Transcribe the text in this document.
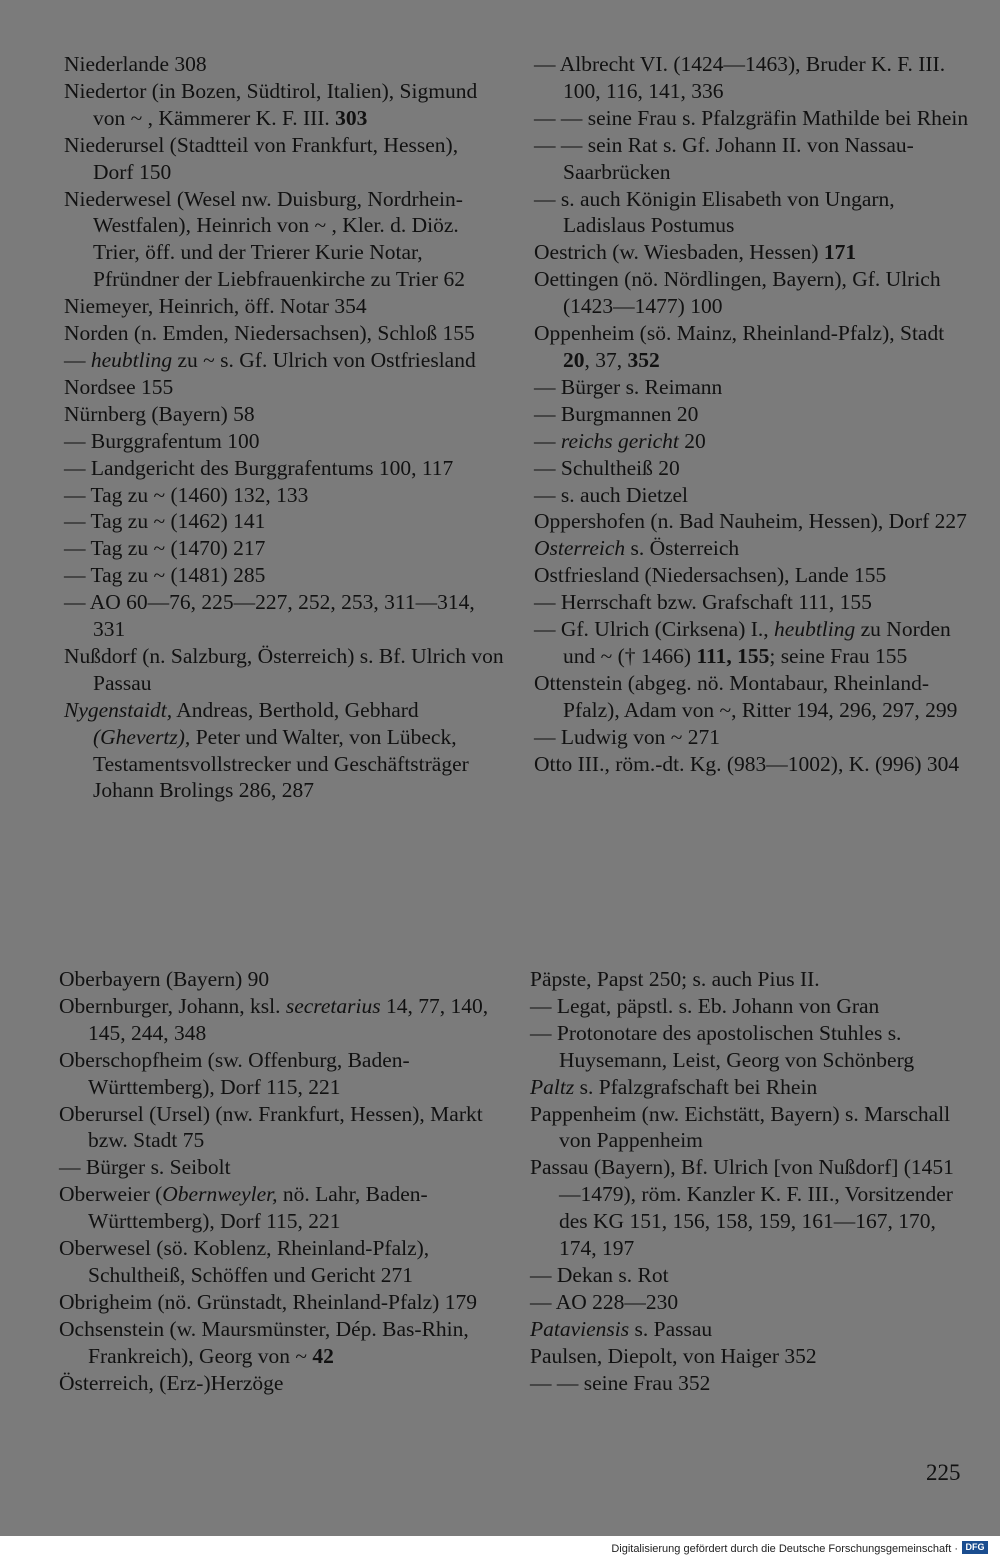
Niederlande 308
Niedertor (in Bozen, Südtirol, Italien), Sigmund von ~ , Kämmerer K. F. III. 303
Niederursel (Stadtteil von Frankfurt, Hessen), Dorf 150
Niederwesel (Wesel nw. Duisburg, Nordrhein-Westfalen), Heinrich von ~ , Kler. d. Diöz. Trier, öff. und der Trierer Kurie Notar, Pfründner der Liebfrauenkirche zu Trier 62
Niemeyer, Heinrich, öff. Notar 354
Norden (n. Emden, Niedersachsen), Schloß 155
— heubtling zu ~ s. Gf. Ulrich von Ostfriesland
Nordsee 155
Nürnberg (Bayern) 58
— Burggrafentum 100
— Landgericht des Burggrafentums 100, 117
— Tag zu ~ (1460) 132, 133
— Tag zu ~ (1462) 141
— Tag zu ~ (1470) 217
— Tag zu ~ (1481) 285
— AO 60—76, 225—227, 252, 253, 311—314, 331
Nußdorf (n. Salzburg, Österreich) s. Bf. Ulrich von Passau
Nygenstaidt, Andreas, Berthold, Gebhard (Ghevertz), Peter und Walter, von Lübeck, Testamentsvollstrecker und Geschäftsträger Johann Brolings 286, 287
— Albrecht VI. (1424—1463), Bruder K. F. III. 100, 116, 141, 336
— — seine Frau s. Pfalzgräfin Mathilde bei Rhein
— — sein Rat s. Gf. Johann II. von Nassau-Saarbrücken
— s. auch Königin Elisabeth von Ungarn, Ladislaus Postumus
Oestrich (w. Wiesbaden, Hessen) 171
Oettingen (nö. Nördlingen, Bayern), Gf. Ulrich (1423—1477) 100
Oppenheim (sö. Mainz, Rheinland-Pfalz), Stadt 20, 37, 352
— Bürger s. Reimann
— Burgmannen 20
— reichs gericht 20
— Schultheiß 20
— s. auch Dietzel
Oppershofen (n. Bad Nauheim, Hessen), Dorf 227
Osterreich s. Österreich
Ostfriesland (Niedersachsen), Lande 155
— Herrschaft bzw. Grafschaft 111, 155
— Gf. Ulrich (Cirksena) I., heubtling zu Norden und ~ († 1466) 111, 155; seine Frau 155
Ottenstein (abgeg. nö. Montabaur, Rheinland-Pfalz), Adam von ~, Ritter 194, 296, 297, 299
— Ludwig von ~ 271
Otto III., röm.-dt. Kg. (983—1002), K. (996) 304
Oberbayern (Bayern) 90
Obernburger, Johann, ksl. secretarius 14, 77, 140, 145, 244, 348
Oberschopfheim (sw. Offenburg, Baden-Württemberg), Dorf 115, 221
Oberursel (Ursel) (nw. Frankfurt, Hessen), Markt bzw. Stadt 75
— Bürger s. Seibolt
Oberweier (Obernweyler, nö. Lahr, Baden-Württemberg), Dorf 115, 221
Oberwesel (sö. Koblenz, Rheinland-Pfalz), Schultheiß, Schöffen und Gericht 271
Obrigheim (nö. Grünstadt, Rheinland-Pfalz) 179
Ochsenstein (w. Maursmünster, Dép. Bas-Rhin, Frankreich), Georg von ~ 42
Österreich, (Erz-)Herzöge
Päpste, Papst 250; s. auch Pius II.
— Legat, päpstl. s. Eb. Johann von Gran
— Protonotare des apostolischen Stuhles s. Huysemann, Leist, Georg von Schönberg
Paltz s. Pfalzgrafschaft bei Rhein
Pappenheim (nw. Eichstätt, Bayern) s. Marschall von Pappenheim
Passau (Bayern), Bf. Ulrich [von Nußdorf] (1451—1479), röm. Kanzler K. F. III., Vorsitzender des KG 151, 156, 158, 159, 161—167, 170, 174, 197
— Dekan s. Rot
— AO 228—230
Pataviensis s. Passau
Paulsen, Diepolt, von Haiger 352
— — seine Frau 352
225
Digitalisierung gefördert durch die Deutsche Forschungsgemeinschaft · DFG
